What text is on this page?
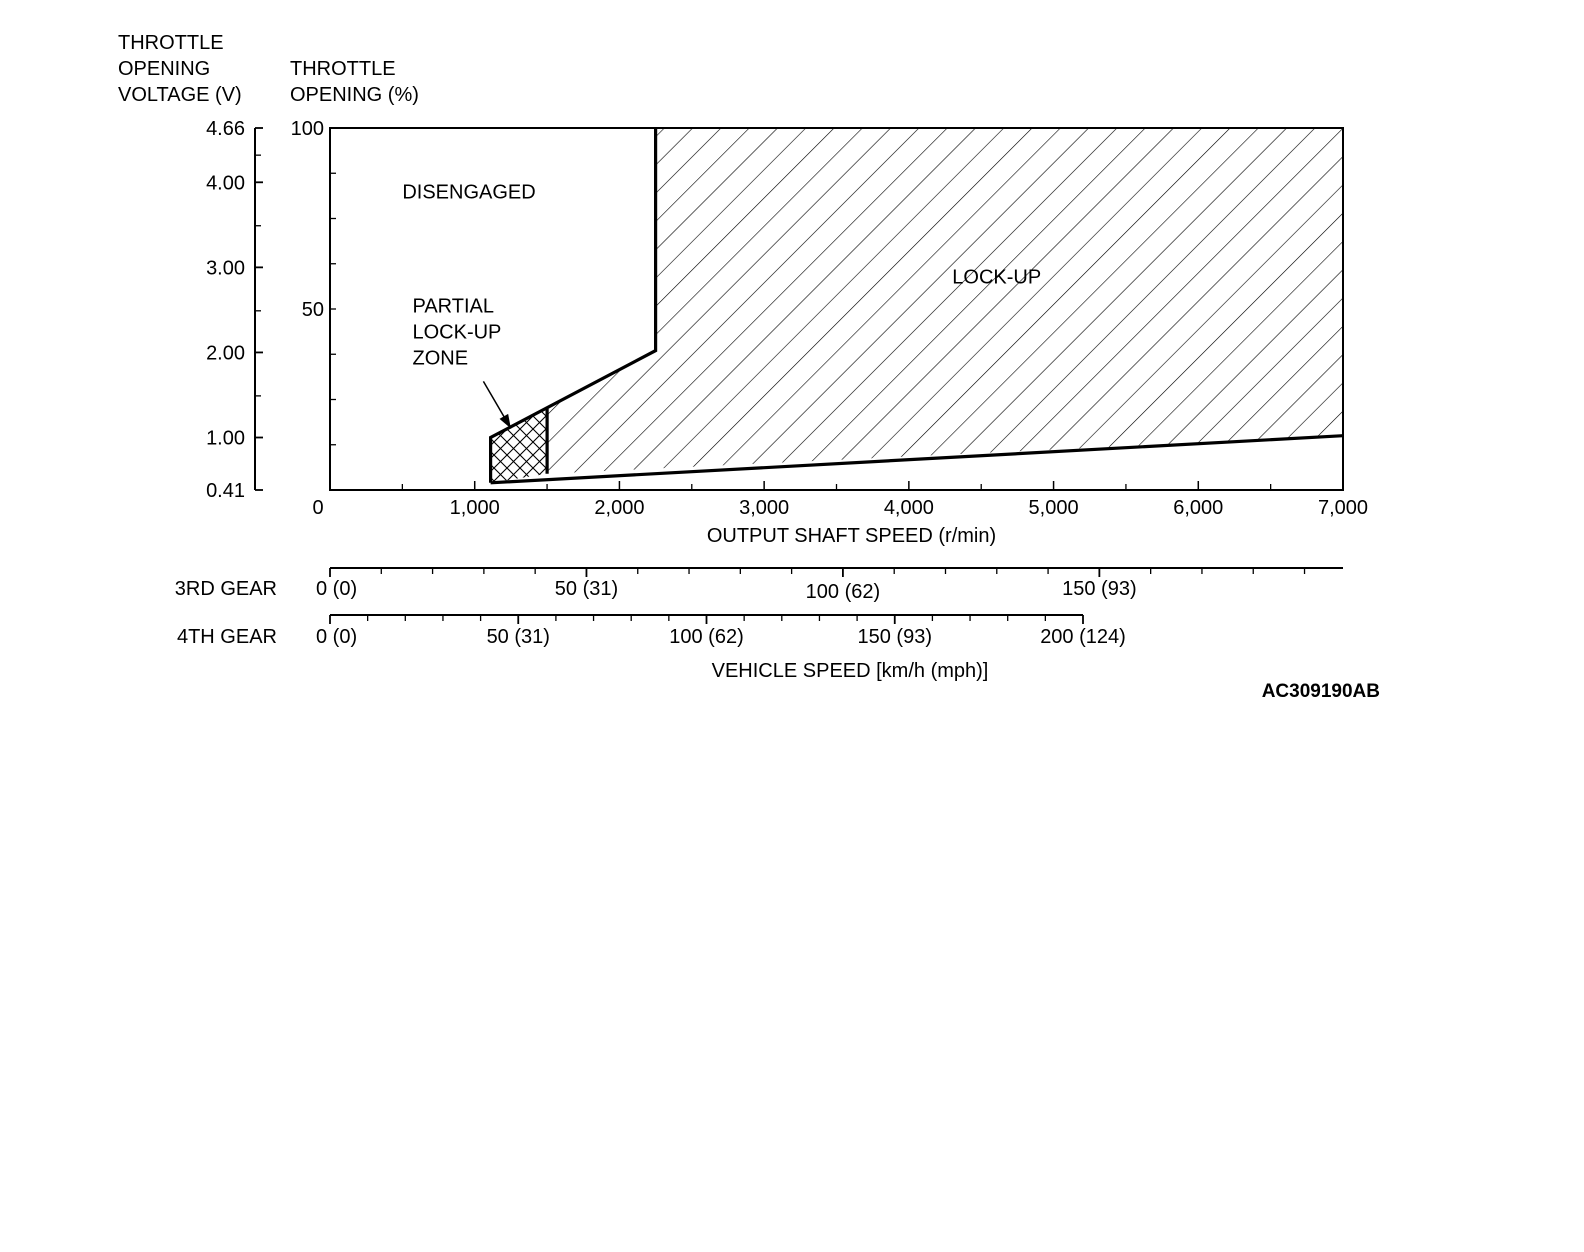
0	1,000	2,000	3,000	4,000	5,000	6,000	7,000
OUTPUT SHAFT SPEED (r/min)
50
100
THROTTLE
OPENING (%)
0.41
1.00
2.00
3.00
4.00
4.66
THROTTLE
OPENING
VOLTAGE (V)
DISENGAGED
LOCK-UP
PARTIAL
LOCK-UP
ZONE
0 (0)	50 (31)	100 (62)	150 (93)
3RD GEAR
0 (0)	50 (31)	100 (62)	150 (93)	200 (124)
4TH GEAR
VEHICLE SPEED [km/h (mph)]
AC309190AB
